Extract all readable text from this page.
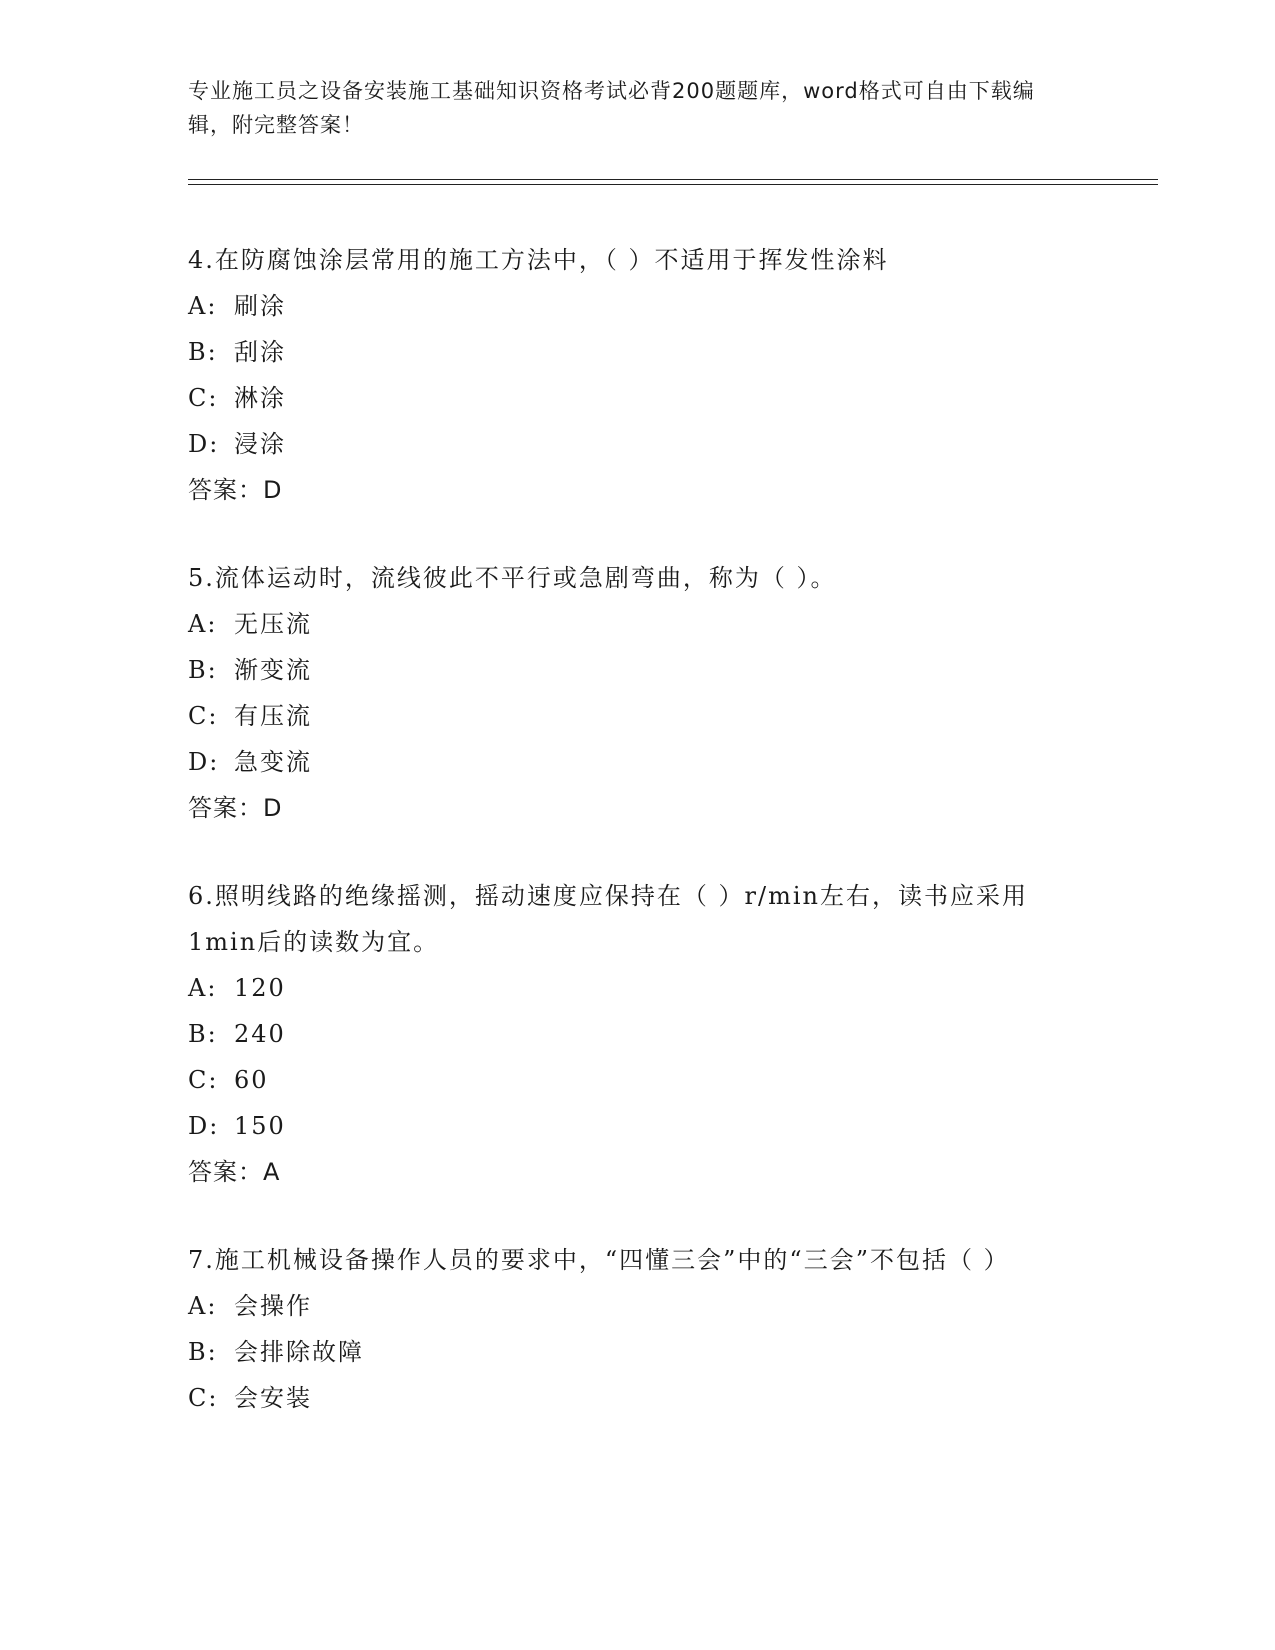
专业施工员之设备安装施工基础知识资格考试必背200题题库，word格式可自由下载编辑，附完整答案！

4.在防腐蚀涂层常用的施工方法中，（ ）不适用于挥发性涂料

A: 刷涂

B: 刮涂

C: 淋涂

D: 浸涂

答案：D

5.流体运动时，流线彼此不平行或急剧弯曲，称为（ ）。

A: 无压流

B: 渐变流

C: 有压流

D: 急变流

答案：D

6.照明线路的绝缘摇测，摇动速度应保持在（ ）r/min左右，读书应采用1min后的读数为宜。

A: 120

B: 240

C: 60

D: 150

答案：A

7.施工机械设备操作人员的要求中，“四懂三会”中的“三会”不包括（ ）

A: 会操作

B: 会排除故障

C: 会安装
